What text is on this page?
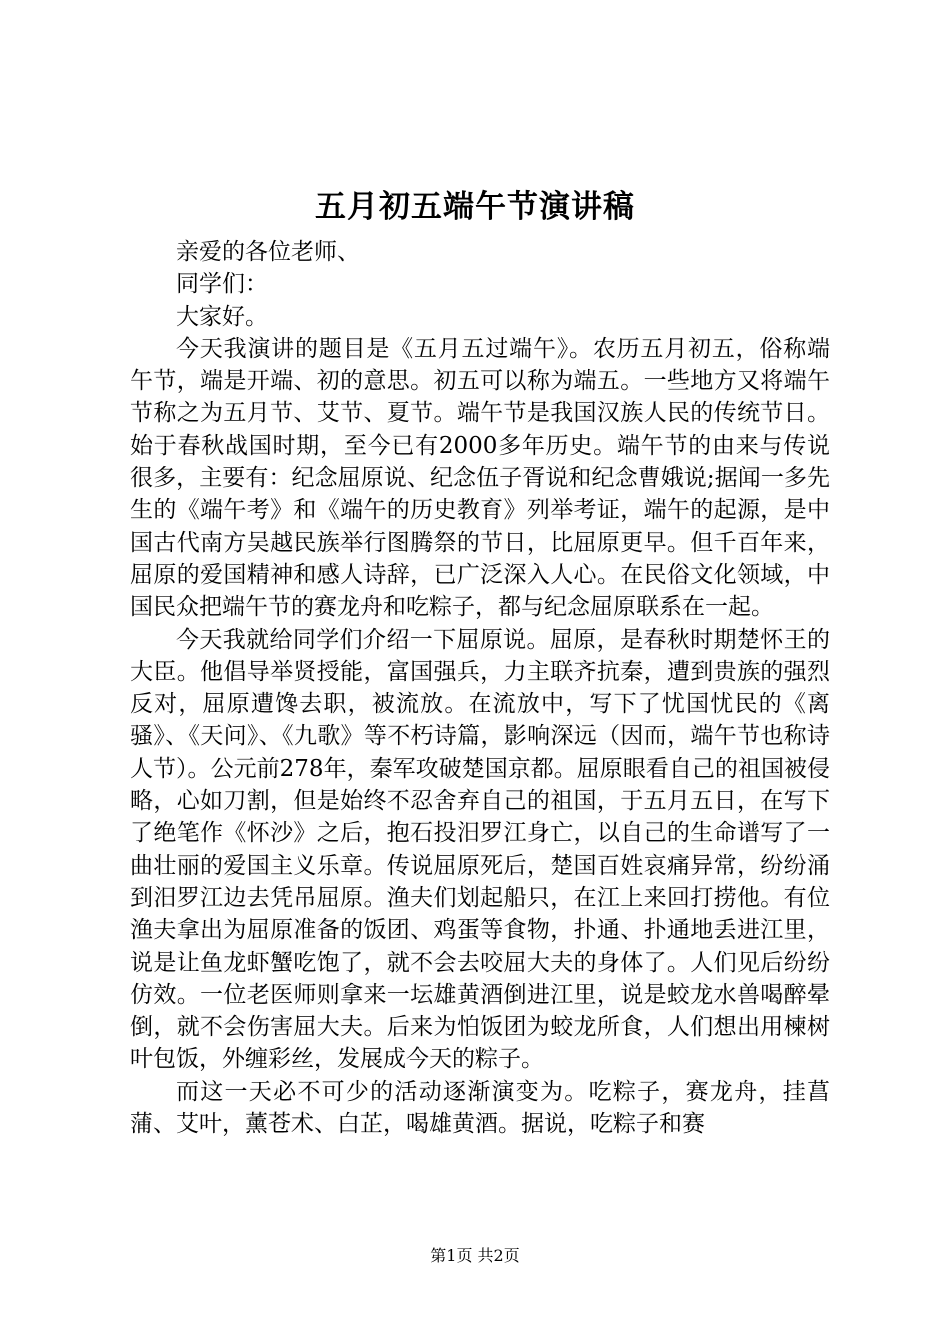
五月初五端午节演讲稿

亲爱的各位老师、

同学们：

大家好。

今天我演讲的题目是《五月五过端午》。农历五月初五，俗称端午节，端是开端、初的意思。初五可以称为端五。一些地方又将端午节称之为五月节、艾节、夏节。端午节是我国汉族人民的传统节日。始于春秋战国时期，至今已有2000多年历史。端午节的由来与传说很多，主要有：纪念屈原说、纪念伍子胥说和纪念曹娥说;据闻一多先生的《端午考》和《端午的历史教育》列举考证，端午的起源，是中国古代南方吴越民族举行图腾祭的节日，比屈原更早。但千百年来，屈原的爱国精神和感人诗辞，已广泛深入人心。在民俗文化领域，中国民众把端午节的赛龙舟和吃粽子，都与纪念屈原联系在一起。

今天我就给同学们介绍一下屈原说。屈原，是春秋时期楚怀王的大臣。他倡导举贤授能，富国强兵，力主联齐抗秦，遭到贵族的强烈反对，屈原遭馋去职，被流放。在流放中，写下了忧国忧民的《离骚》、《天问》、《九歌》等不朽诗篇，影响深远（因而，端午节也称诗人节）。公元前278年，秦军攻破楚国京都。屈原眼看自己的祖国被侵略，心如刀割，但是始终不忍舍弃自己的祖国，于五月五日，在写下了绝笔作《怀沙》之后，抱石投汨罗江身亡，以自己的生命谱写了一曲壮丽的爱国主义乐章。传说屈原死后，楚国百姓哀痛异常，纷纷涌到汨罗江边去凭吊屈原。渔夫们划起船只，在江上来回打捞他。有位渔夫拿出为屈原准备的饭团、鸡蛋等食物，扑通、扑通地丢进江里，说是让鱼龙虾蟹吃饱了，就不会去咬屈大夫的身体了。人们见后纷纷仿效。一位老医师则拿来一坛雄黄酒倒进江里，说是蛟龙水兽喝醉晕倒，就不会伤害屈大夫。后来为怕饭团为蛟龙所食，人们想出用楝树叶包饭，外缠彩丝，发展成今天的粽子。

而这一天必不可少的活动逐渐演变为。吃粽子，赛龙舟，挂菖蒲、艾叶，薰苍术、白芷，喝雄黄酒。据说，吃粽子和赛

第1页 共2页
